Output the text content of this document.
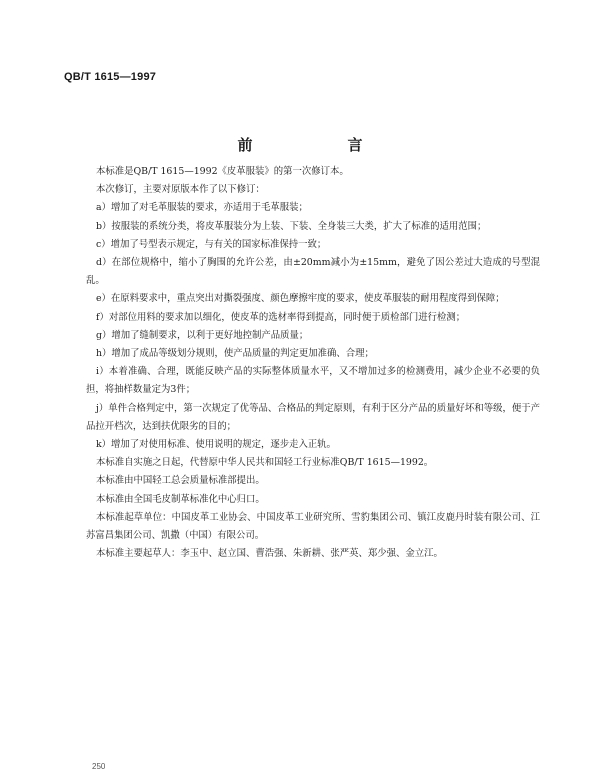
QB/T 1615—1997
前　言

本标准是QB/T 1615—1992《皮革服装》的第一次修订本。

本次修订，主要对原版本作了以下修订：

a）增加了对毛革服装的要求，亦适用于毛革服装；

b）按服装的系统分类，将皮革服装分为上装、下装、全身装三大类，扩大了标准的适用范围；

c）增加了号型表示规定，与有关的国家标准保持一致；

d）在部位规格中，缩小了胸围的允许公差，由±20mm减小为±15mm，避免了因公差过大造成的号型混乱。

e）在原料要求中，重点突出对撕裂强度、颜色摩擦牢度的要求，使皮革服装的耐用程度得到保障；

f）对部位用料的要求加以细化，使皮革的选材率得到提高，同时便于质检部门进行检测；

g）增加了缝制要求，以利于更好地控制产品质量；

h）增加了成品等级划分规则，使产品质量的判定更加准确、合理；

i）本着准确、合理，既能反映产品的实际整体质量水平，又不增加过多的检测费用，减少企业不必要的负担，将抽样数量定为3件；

j）单件合格判定中，第一次规定了优等品、合格品的判定原则，有利于区分产品的质量好坏和等级，便于产品拉开档次，达到扶优限劣的目的；

k）增加了对使用标准、使用说明的规定，逐步走入正轨。

本标准自实施之日起，代替原中华人民共和国轻工行业标准QB/T 1615—1992。

本标准由中国轻工总会质量标准部提出。

本标准由全国毛皮制革标准化中心归口。

本标准起草单位：中国皮革工业协会、中国皮革工业研究所、雪豹集团公司、镇江皮鹿丹时装有限公司、江苏富昌集团公司、凯撒（中国）有限公司。

本标准主要起草人：李玉中、赵立国、曹浩强、朱新耕、张严英、郑少强、金立江。

250
